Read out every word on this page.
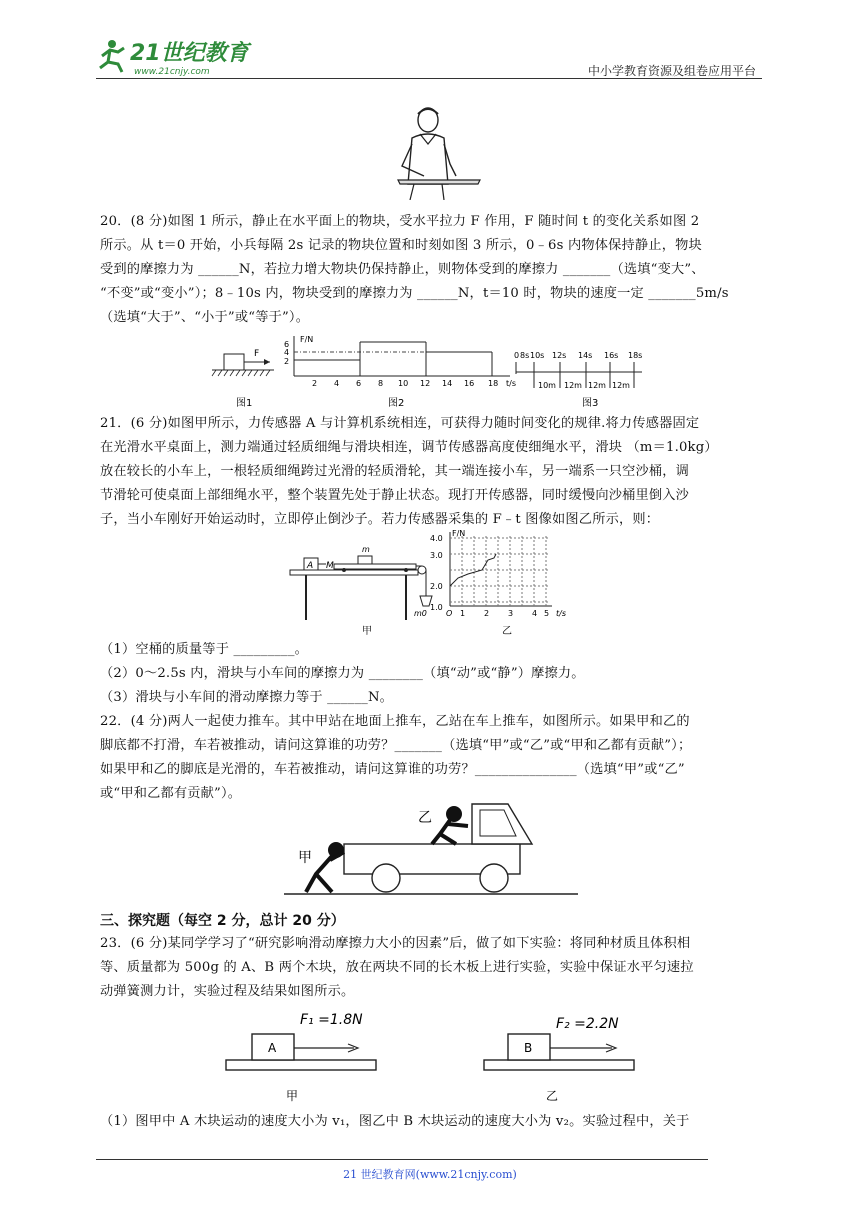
21世纪教育
www.21cnjy.com	中小学教育资源及组卷应用平台
20．(8 分)如图 1 所示，静止在水平面上的物块，受水平拉力 F 作用，F 随时间 t 的变化关系如图 2
所示。从 t＝0 开始，小兵每隔 2s 记录的物块位置和时刻如图 3 所示，0﹣6s 内物体保持静止，物块
受到的摩擦力为 ______N，若拉力增大物块仍保持静止，则物体受到的摩擦力 _______（选填“变大”、
“不变”或“变小”）；8﹣10s 内，物块受到的摩擦力为 ______N，t＝10 时，物块的速度一定 _______5m/s
（选填“大于”、“小于”或“等于”）。
F
图1
F/N
t/s
6
4
2
2 4 6 8 10 12 14 16 18
图2
0 8s 10s 12s 14s 16s 18s
10m 12m 12m 12m
图3
21．(6 分)如图甲所示，力传感器 A 与计算机系统相连，可获得力随时间变化的规律.将力传感器固定
在光滑水平桌面上，测力端通过轻质细绳与滑块相连，调节传感器高度使细绳水平，滑块 （m＝1.0kg）
放在较长的小车上，一根轻质细绳跨过光滑的轻质滑轮，其一端连接小车，另一端系一只空沙桶，调
节滑轮可使桌面上部细绳水平，整个装置先处于静止状态。现打开传感器，同时缓慢向沙桶里倒入沙
子，当小车刚好开始运动时，立即停止倒沙子。若力传感器采集的 F﹣t 图像如图乙所示，则：
A M
m
m0
甲
F/N
4.0
3.0
2.0
1.0
O 1 2 3 4 5 t/s
乙
（1）空桶的质量等于 _________。
（2）0～2.5s 内，滑块与小车间的摩擦力为 ________（填“动”或“静”）摩擦力。
（3）滑块与小车间的滑动摩擦力等于 ______N。
22．(4 分)两人一起使力推车。其中甲站在地面上推车，乙站在车上推车，如图所示。如果甲和乙的
脚底都不打滑，车若被推动，请问这算谁的功劳？_______（选填“甲”或“乙”或“甲和乙都有贡献”）；
如果甲和乙的脚底是光滑的，车若被推动，请问这算谁的功劳？_______________（选填“甲”或“乙”
或“甲和乙都有贡献”）。
甲
乙
三、探究题（每空 2 分，总计 20 分）
23．(6 分)某同学学习了“研究影响滑动摩擦力大小的因素”后，做了如下实验：将同种材质且体积相
等、质量都为 500g 的 A、B 两个木块，放在两块不同的长木板上进行实验，实验中保证水平匀速拉
动弹簧测力计，实验过程及结果如图所示。
F₁ =1.8N
A
甲
F₂ =2.2N
B
乙
（1）图甲中 A 木块运动的速度大小为 v₁，图乙中 B 木块运动的速度大小为 v₂。实验过程中，关于
21 世纪教育网(www.21cnjy.com)
